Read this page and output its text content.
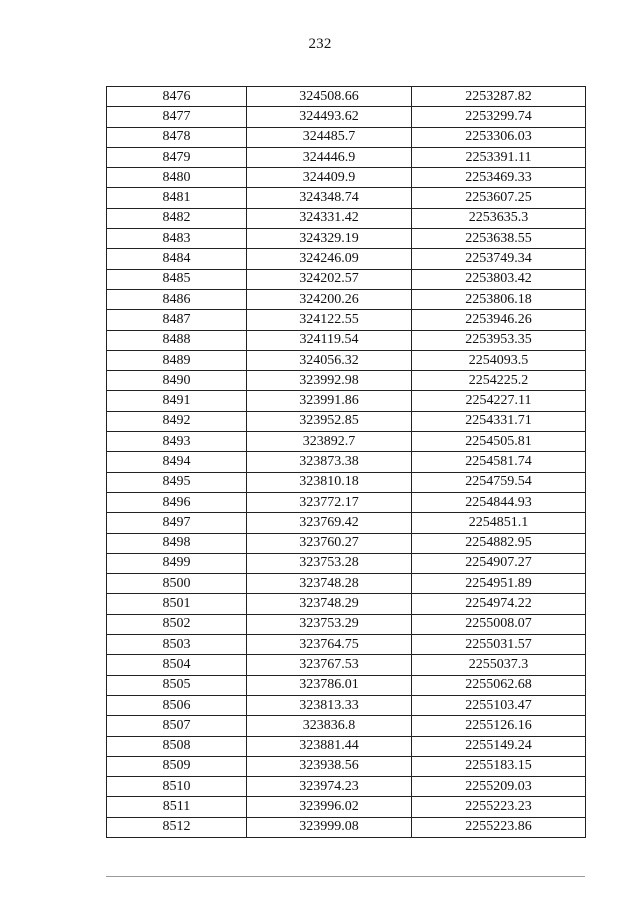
232
8476	324508.66	2253287.82
8477	324493.62	2253299.74
8478	324485.7	2253306.03
8479	324446.9	2253391.11
8480	324409.9	2253469.33
8481	324348.74	2253607.25
8482	324331.42	2253635.3
8483	324329.19	2253638.55
8484	324246.09	2253749.34
8485	324202.57	2253803.42
8486	324200.26	2253806.18
8487	324122.55	2253946.26
8488	324119.54	2253953.35
8489	324056.32	2254093.5
8490	323992.98	2254225.2
8491	323991.86	2254227.11
8492	323952.85	2254331.71
8493	323892.7	2254505.81
8494	323873.38	2254581.74
8495	323810.18	2254759.54
8496	323772.17	2254844.93
8497	323769.42	2254851.1
8498	323760.27	2254882.95
8499	323753.28	2254907.27
8500	323748.28	2254951.89
8501	323748.29	2254974.22
8502	323753.29	2255008.07
8503	323764.75	2255031.57
8504	323767.53	2255037.3
8505	323786.01	2255062.68
8506	323813.33	2255103.47
8507	323836.8	2255126.16
8508	323881.44	2255149.24
8509	323938.56	2255183.15
8510	323974.23	2255209.03
8511	323996.02	2255223.23
8512	323999.08	2255223.86
